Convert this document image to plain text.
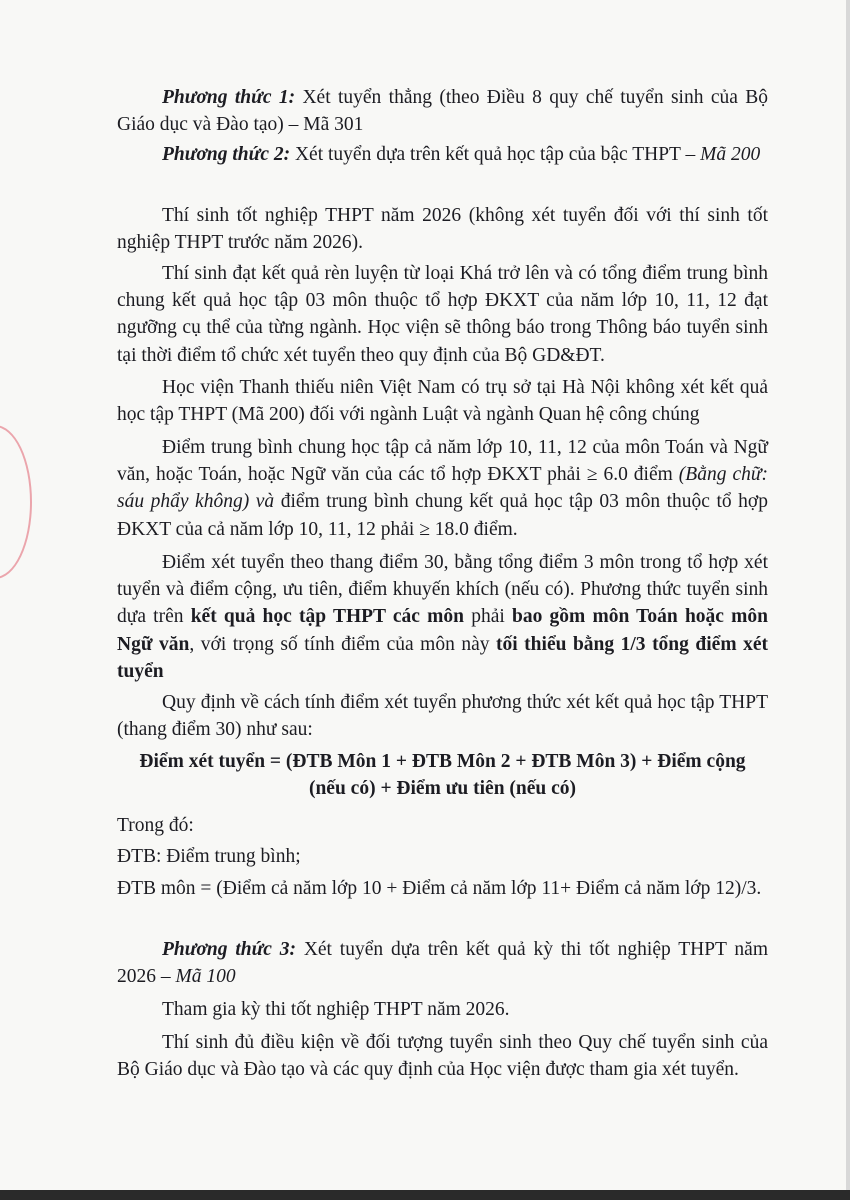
Phương thức 1: Xét tuyển thẳng (theo Điều 8 quy chế tuyển sinh của Bộ Giáo dục và Đào tạo) – Mã 301

Phương thức 2: Xét tuyển dựa trên kết quả học tập của bậc THPT – Mã 200

Thí sinh tốt nghiệp THPT năm 2026 (không xét tuyển đối với thí sinh tốt nghiệp THPT trước năm 2026).

Thí sinh đạt kết quả rèn luyện từ loại Khá trở lên và có tổng điểm trung bình chung kết quả học tập 03 môn thuộc tổ hợp ĐKXT của năm lớp 10, 11, 12 đạt ngưỡng cụ thể của từng ngành. Học viện sẽ thông báo trong Thông báo tuyển sinh tại thời điểm tổ chức xét tuyển theo quy định của Bộ GD&ĐT.

Học viện Thanh thiếu niên Việt Nam có trụ sở tại Hà Nội không xét kết quả học tập THPT (Mã 200) đối với ngành Luật và ngành Quan hệ công chúng

Điểm trung bình chung học tập cả năm lớp 10, 11, 12 của môn Toán và Ngữ văn, hoặc Toán, hoặc Ngữ văn của các tổ hợp ĐKXT phải ≥ 6.0 điểm (Bằng chữ: sáu phẩy không) và điểm trung bình chung kết quả học tập 03 môn thuộc tổ hợp ĐKXT của cả năm lớp 10, 11, 12 phải ≥ 18.0 điểm.

Điểm xét tuyển theo thang điểm 30, bằng tổng điểm 3 môn trong tổ hợp xét tuyển và điểm cộng, ưu tiên, điểm khuyến khích (nếu có). Phương thức tuyển sinh dựa trên kết quả học tập THPT các môn phải bao gồm môn Toán hoặc môn Ngữ văn, với trọng số tính điểm của môn này tối thiểu bằng 1/3 tổng điểm xét tuyển

Quy định về cách tính điểm xét tuyển phương thức xét kết quả học tập THPT (thang điểm 30) như sau:

Điểm xét tuyển = (ĐTB Môn 1 + ĐTB Môn 2 + ĐTB Môn 3) + Điểm cộng

(nếu có) + Điểm ưu tiên (nếu có)

Trong đó:

ĐTB: Điểm trung bình;

ĐTB môn = (Điểm cả năm lớp 10 + Điểm cả năm lớp 11+ Điểm cả năm lớp 12)/3.

Phương thức 3: Xét tuyển dựa trên kết quả kỳ thi tốt nghiệp THPT năm 2026 – Mã 100

Tham gia kỳ thi tốt nghiệp THPT năm 2026.

Thí sinh đủ điều kiện về đối tượng tuyển sinh theo Quy chế tuyển sinh của Bộ Giáo dục và Đào tạo và các quy định của Học viện được tham gia xét tuyển.
